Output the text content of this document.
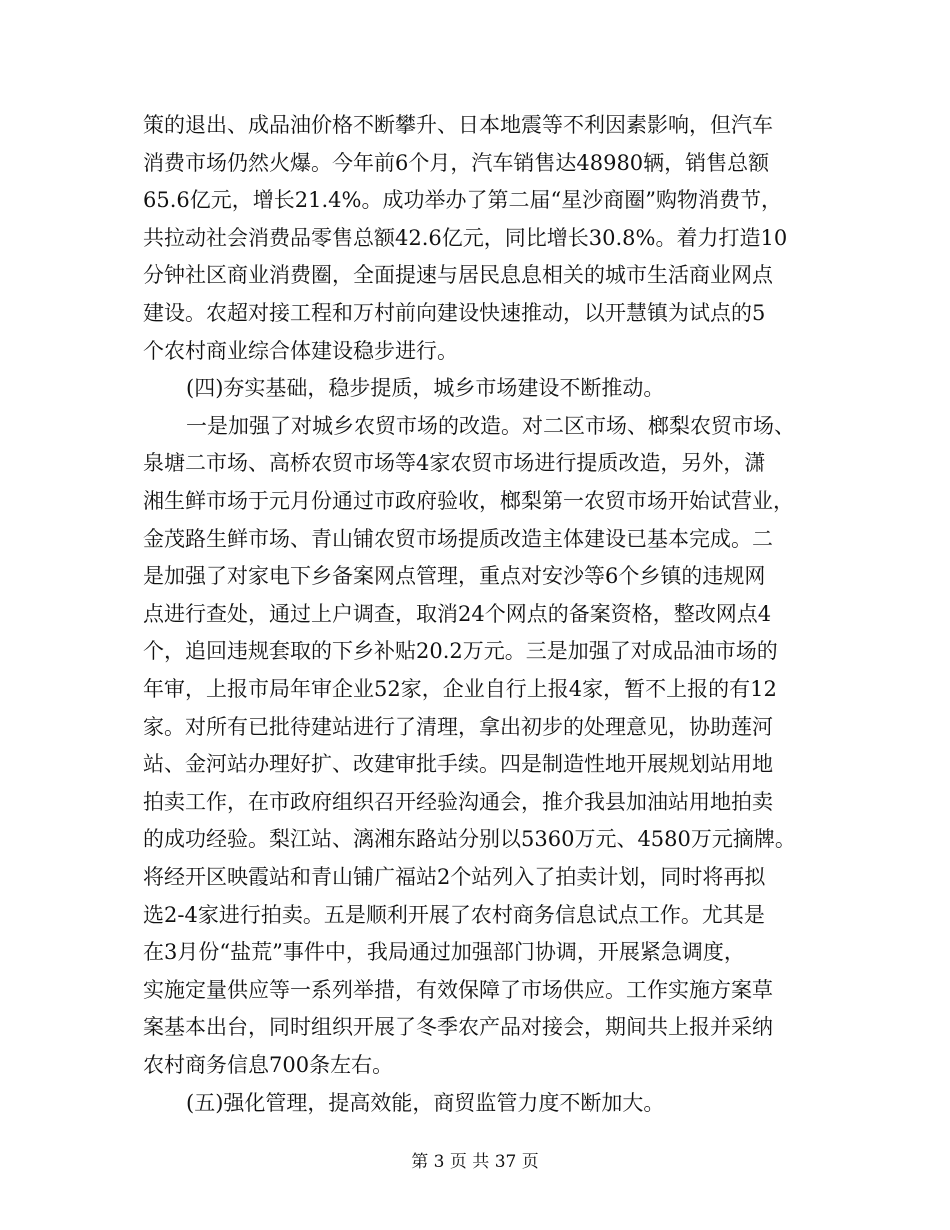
策的退出、成品油价格不断攀升、日本地震等不利因素影响，但汽车
消费市场仍然火爆。今年前6个月，汽车销售达48980辆，销售总额
65.6亿元，增长21.4%。成功举办了第二届“星沙商圈”购物消费节，
共拉动社会消费品零售总额42.6亿元，同比增长30.8%。着力打造10
分钟社区商业消费圈，全面提速与居民息息相关的城市生活商业网点
建设。农超对接工程和万村前向建设快速推动，以开慧镇为试点的5
个农村商业综合体建设稳步进行。
(四)夯实基础，稳步提质，城乡市场建设不断推动。
一是加强了对城乡农贸市场的改造。对二区市场、榔梨农贸市场、
泉塘二市场、高桥农贸市场等4家农贸市场进行提质改造，另外，潇
湘生鲜市场于元月份通过市政府验收，榔梨第一农贸市场开始试营业，
金茂路生鲜市场、青山铺农贸市场提质改造主体建设已基本完成。二
是加强了对家电下乡备案网点管理，重点对安沙等6个乡镇的违规网
点进行查处，通过上户调查，取消24个网点的备案资格，整改网点4
个，追回违规套取的下乡补贴20.2万元。三是加强了对成品油市场的
年审，上报市局年审企业52家，企业自行上报4家，暂不上报的有12
家。对所有已批待建站进行了清理，拿出初步的处理意见，协助莲河
站、金河站办理好扩、改建审批手续。四是制造性地开展规划站用地
拍卖工作，在市政府组织召开经验沟通会，推介我县加油站用地拍卖
的成功经验。梨江站、漓湘东路站分别以5360万元、4580万元摘牌。
将经开区映霞站和青山铺广福站2个站列入了拍卖计划，同时将再拟
选2-4家进行拍卖。五是顺利开展了农村商务信息试点工作。尤其是
在3月份“盐荒”事件中，我局通过加强部门协调，开展紧急调度，
实施定量供应等一系列举措，有效保障了市场供应。工作实施方案草
案基本出台，同时组织开展了冬季农产品对接会，期间共上报并采纳
农村商务信息700条左右。
(五)强化管理，提高效能，商贸监管力度不断加大。
第 3 页 共 37 页
